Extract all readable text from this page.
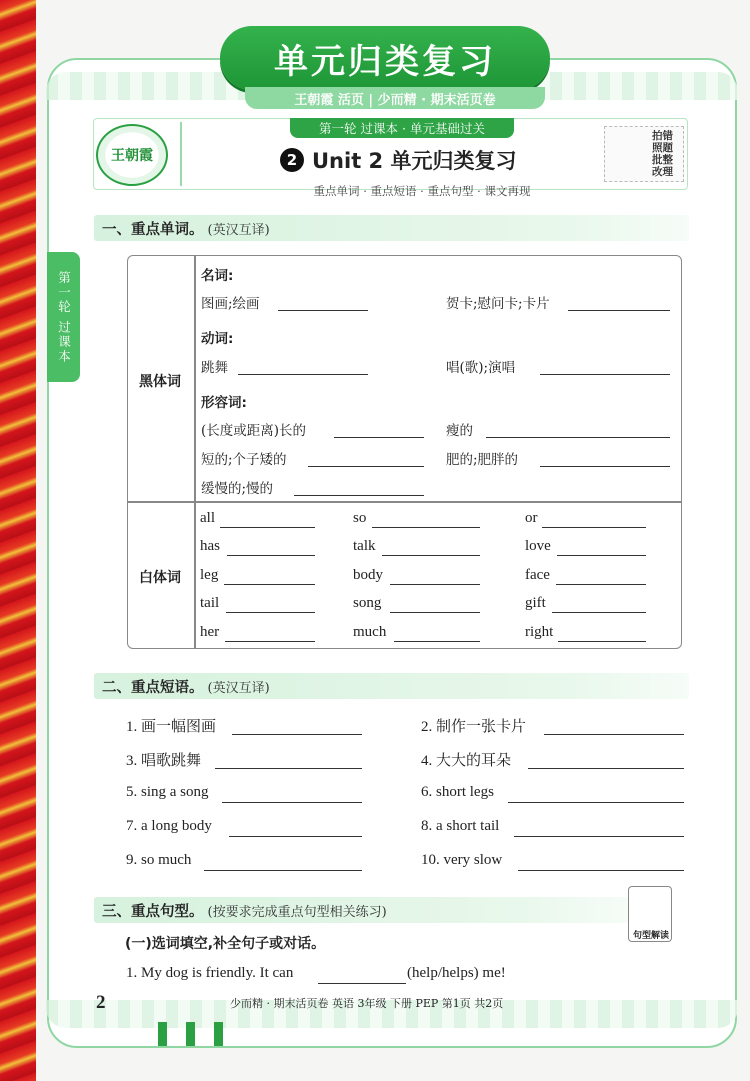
单元归类复习
王朝霞 活页 | 少而精 · 期末活页卷
王朝霞
第一轮 过课本 · 单元基础过关
2 Unit 2 单元归类复习
拍错 照题 批整 改理
重点单词 · 重点短语 · 重点句型 · 课文再现
第一轮 过课本
一、重点单词。 (英汉互译)
黑体词
白体词
名词:
图画;绘画	贺卡;慰问卡;卡片
动词:
跳舞	唱(歌);演唱
形容词:
(长度或距离)长的	瘦的
短的;个子矮的	肥的;肥胖的
缓慢的;慢的
all	so	or
has	talk	love
leg	body	face
tail	song	gift
her	much	right
二、重点短语。 (英汉互译)
1. 画一幅图画	2. 制作一张卡片
3. 唱歌跳舞	4. 大大的耳朵
5. sing a song	6. short legs
7. a long body	8. a short tail
9. so much	10. very slow
三、重点句型。 (按要求完成重点句型相关练习)
句型解读
(一)选词填空,补全句子或对话。
1. My dog is friendly. It can	(help/helps) me!
2	少而精 · 期末活页卷 英语 3年级 下册 PEP 第1页 共2页
